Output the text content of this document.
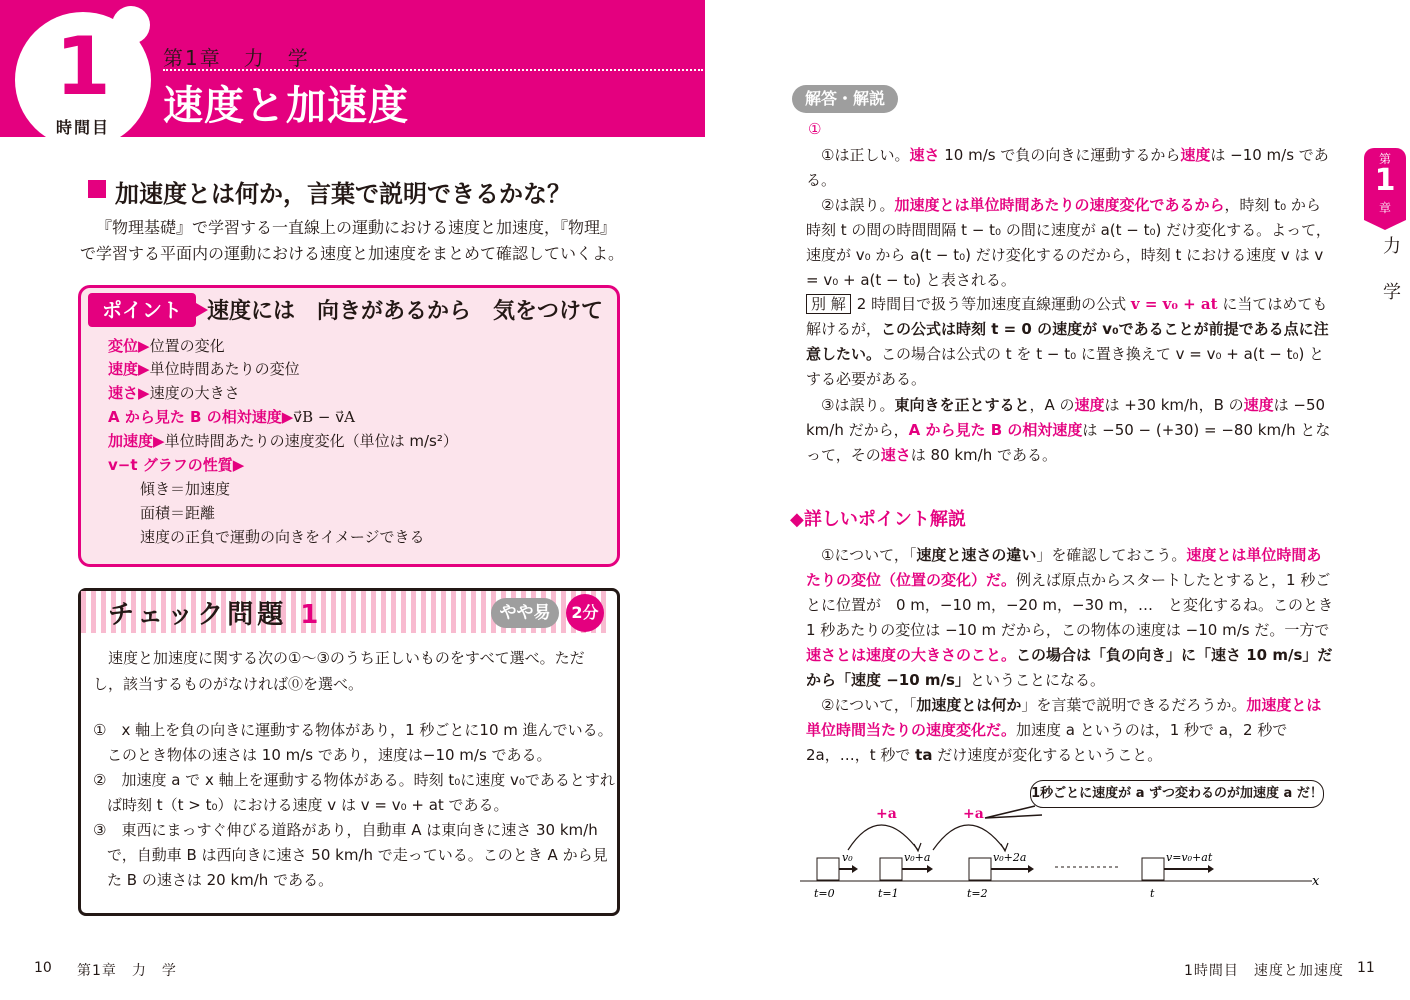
1
時間目
第1章　力　学
速度と加速度
加速度とは何か，言葉で説明できるかな？
『物理基礎』で学習する一直線上の運動における速度と加速度，『物理』で学習する平面内の運動における速度と加速度をまとめて確認していくよ。
ポイント	速度には　向きがあるから　気をつけて
変位▶位置の変化
速度▶単位時間あたりの変位
速さ▶速度の大きさ
A から見た B の相対速度▶v⃗B − v⃗A
加速度▶単位時間あたりの速度変化（単位は m/s²）
v−t グラフの性質▶
傾き＝加速度
面積＝距離
速度の正負で運動の向きをイメージできる
チェック問題 1	やや易	2分
速度と加速度に関する次の①～③のうち正しいものをすべて選べ。ただし，該当するものがなければ⓪を選べ。
①　x 軸上を負の向きに運動する物体があり，1 秒ごとに10 m 進んでいる。このとき物体の速さは 10 m/s であり，速度は−10 m/s である。
②　加速度 a で x 軸上を運動する物体がある。時刻 t₀に速度 v₀であるとすれば時刻 t（t > t₀）における速度 v は v = v₀ + at である。
③　東西にまっすぐ伸びる道路があり，自動車 A は東向きに速さ 30 km/h で，自動車 B は西向きに速さ 50 km/h で走っている。このとき A から見た B の速さは 20 km/h である。
10 第1章　力　学
解答・解説
①
①は正しい。速さ 10 m/s で負の向きに運動するから速度は −10 m/s である。
②は誤り。加速度とは単位時間あたりの速度変化であるから，時刻 t₀ から時刻 t の間の時間間隔 t − t₀ の間に速度が a(t − t₀) だけ変化する。よって，速度が v₀ から a(t − t₀) だけ変化するのだから，時刻 t における速度 v は v = v₀ + a(t − t₀) と表される。
別 解 2 時間目で扱う等加速度直線運動の公式 v = v₀ + at に当てはめても解けるが，この公式は時刻 t = 0 の速度が v₀であることが前提である点に注意したい。この場合は公式の t を t − t₀ に置き換えて v = v₀ + a(t − t₀) とする必要がある。
③は誤り。東向きを正とすると，A の速度は +30 km/h，B の速度は −50 km/h だから，A から見た B の相対速度は −50 − (+30) = −80 km/h となって，その速さは 80 km/h である。
◆詳しいポイント解説
①について，「速度と速さの違い」を確認しておこう。速度とは単位時間あたりの変位（位置の変化）だ。例えば原点からスタートしたとすると，1 秒ごとに位置が　0 m，−10 m，−20 m，−30 m，…　と変化するね。このとき 1 秒あたりの変位は −10 m だから，この物体の速度は −10 m/s だ。一方で速さとは速度の大きさのこと。この場合は「負の向き」に「速さ 10 m/s」だから「速度 −10 m/s」ということになる。
②について，「加速度とは何か」を言葉で説明できるだろうか。加速度とは単位時間当たりの速度変化だ。加速度 a というのは，1 秒で a，2 秒で 2a，…，t 秒で ta だけ速度が変化するということ。
第
1
章
力学
+a	+a
x
v₀	v₀+a	v₀+2a	v=v₀+at
t=0	t=1	t=2	t
1秒ごとに速度が a ずつ変わるのが加速度 a だ！
1時間目　速度と加速度 11
